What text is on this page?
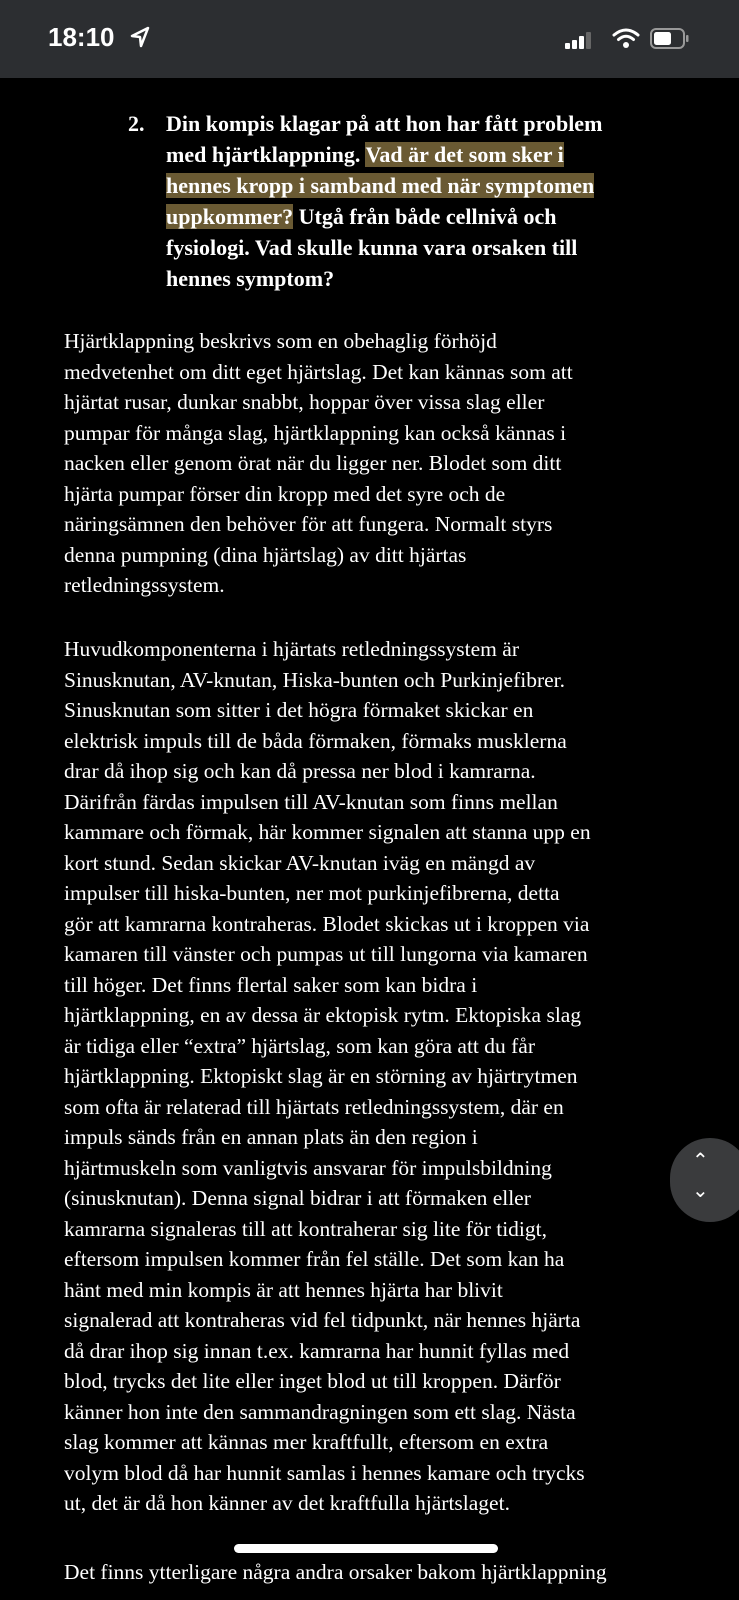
18:10
2. Din kompis klagar på att hon har fått problem
med hjärtklappning. Vad är det som sker i
hennes kropp i samband med när symptomen
uppkommer? Utgå från både cellnivå och
fysiologi. Vad skulle kunna vara orsaken till
hennes symptom?
Hjärtklappning beskrivs som en obehaglig förhöjd
medvetenhet om ditt eget hjärtslag. Det kan kännas som att
hjärtat rusar, dunkar snabbt, hoppar över vissa slag eller
pumpar för många slag, hjärtklappning kan också kännas i
nacken eller genom örat när du ligger ner. Blodet som ditt
hjärta pumpar förser din kropp med det syre och de
näringsämnen den behöver för att fungera. Normalt styrs
denna pumpning (dina hjärtslag) av ditt hjärtas
retledningssystem.
Huvudkomponenterna i hjärtats retledningssystem är
Sinusknutan, AV-knutan, Hiska-bunten och Purkinjefibrer.
Sinusknutan som sitter i det högra förmaket skickar en
elektrisk impuls till de båda förmaken, förmaks musklerna
drar då ihop sig och kan då pressa ner blod i kamrarna.
Därifrån färdas impulsen till AV-knutan som finns mellan
kammare och förmak, här kommer signalen att stanna upp en
kort stund. Sedan skickar AV-knutan iväg en mängd av
impulser till hiska-bunten, ner mot purkinjefibrerna, detta
gör att kamrarna kontraheras. Blodet skickas ut i kroppen via
kamaren till vänster och pumpas ut till lungorna via kamaren
till höger. Det finns flertal saker som kan bidra i
hjärtklappning, en av dessa är ektopisk rytm. Ektopiska slag
är tidiga eller “extra” hjärtslag, som kan göra att du får
hjärtklappning. Ektopiskt slag är en störning av hjärtrytmen
som ofta är relaterad till hjärtats retledningssystem, där en
impuls sänds från en annan plats än den region i
hjärtmuskeln som vanligtvis ansvarar för impulsbildning
(sinusknutan). Denna signal bidrar i att förmaken eller
kamrarna signaleras till att kontraherar sig lite för tidigt,
eftersom impulsen kommer från fel ställe. Det som kan ha
hänt med min kompis är att hennes hjärta har blivit
signalerad att kontraheras vid fel tidpunkt, när hennes hjärta
då drar ihop sig innan t.ex. kamrarna har hunnit fyllas med
blod, trycks det lite eller inget blod ut till kroppen. Därför
känner hon inte den sammandragningen som ett slag. Nästa
slag kommer att kännas mer kraftfullt, eftersom en extra
volym blod då har hunnit samlas i hennes kamare och trycks
ut, det är då hon känner av det kraftfulla hjärtslaget.
Det finns ytterligare några andra orsaker bakom hjärtklappning
⌃
⌄
